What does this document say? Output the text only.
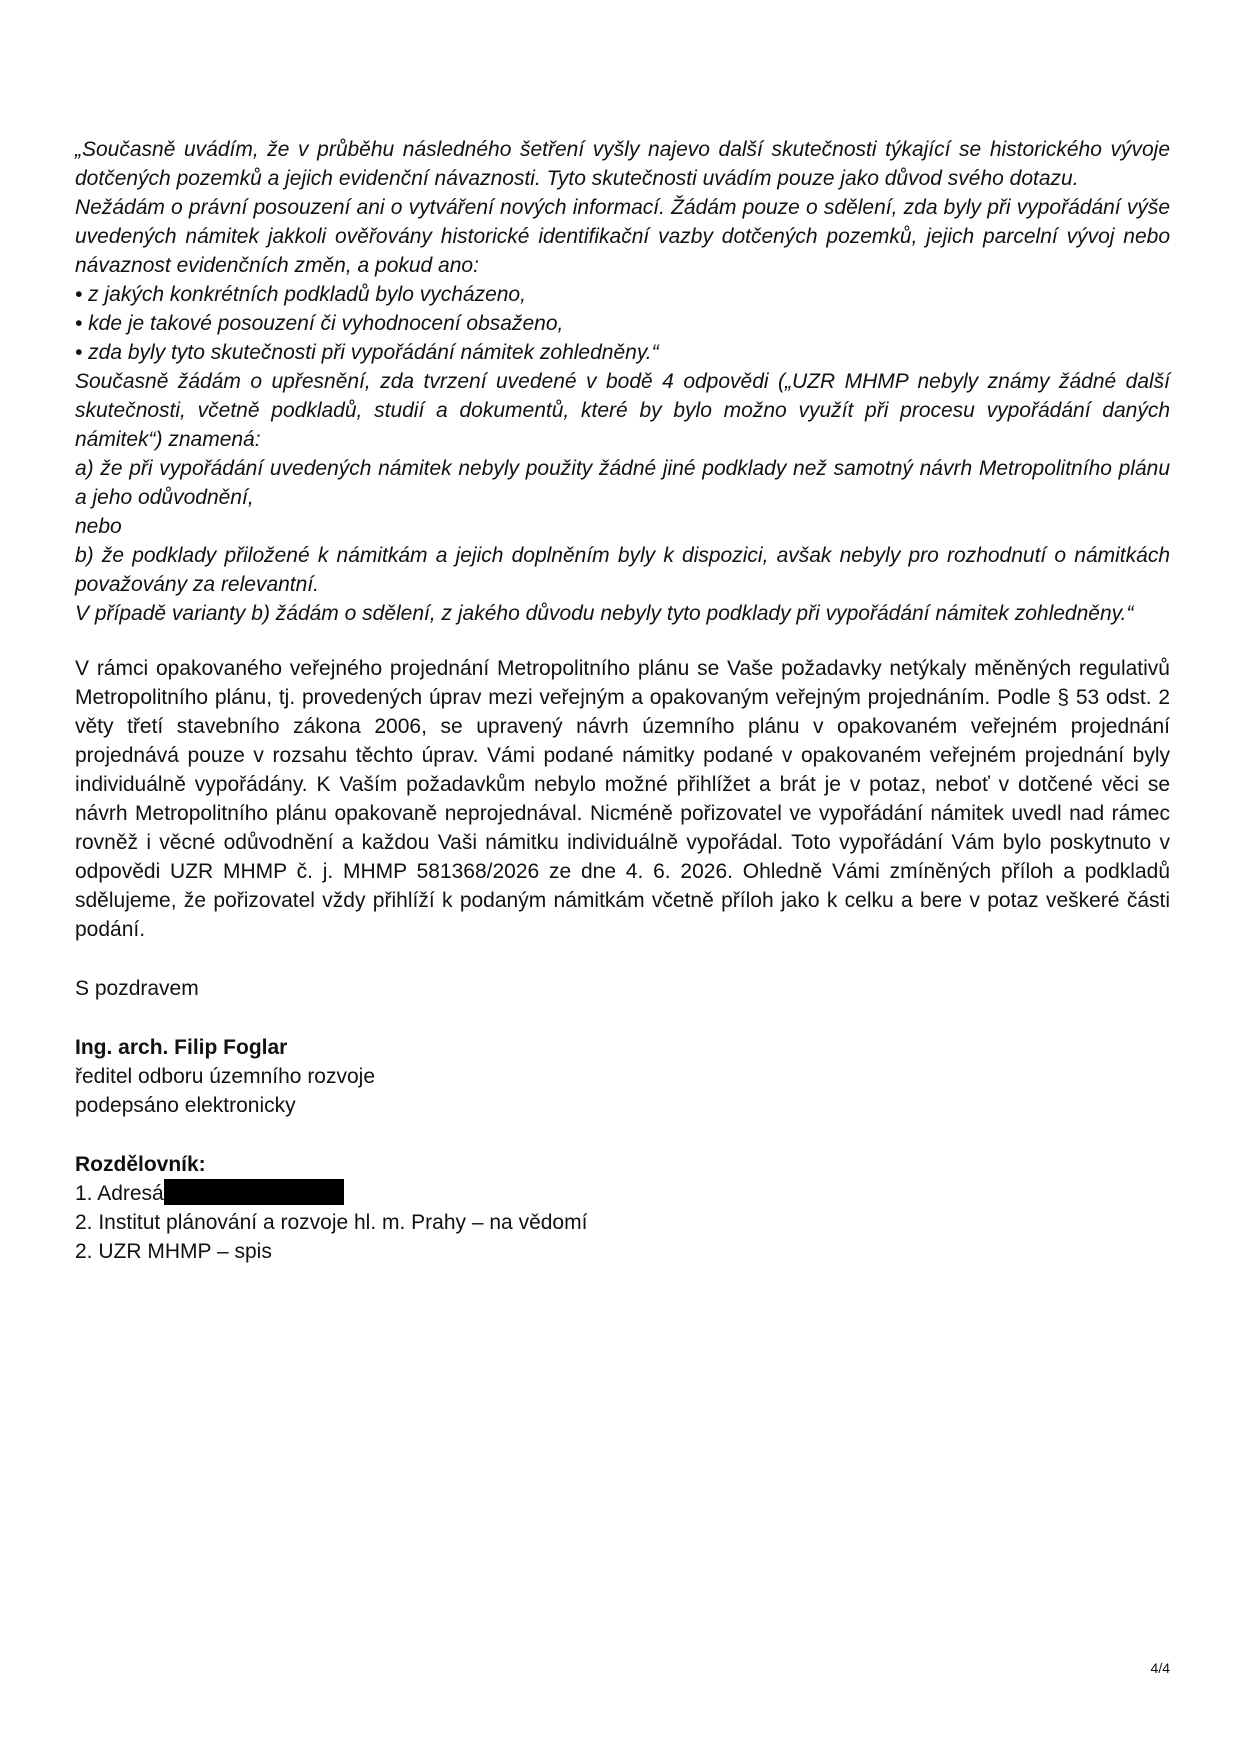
„Současně uvádím, že v průběhu následného šetření vyšly najevo další skutečnosti týkající se historického vývoje dotčených pozemků a jejich evidenční návaznosti. Tyto skutečnosti uvádím pouze jako důvod svého dotazu.

Nežádám o právní posouzení ani o vytváření nových informací. Žádám pouze o sdělení, zda byly při vypořádání výše uvedených námitek jakkoli ověřovány historické identifikační vazby dotčených pozemků, jejich parcelní vývoj nebo návaznost evidenčních změn, a pokud ano:

• z jakých konkrétních podkladů bylo vycházeno,

• kde je takové posouzení či vyhodnocení obsaženo,

• zda byly tyto skutečnosti při vypořádání námitek zohledněny.“

Současně žádám o upřesnění, zda tvrzení uvedené v bodě 4 odpovědi („UZR MHMP nebyly známy žádné další skutečnosti, včetně podkladů, studií a dokumentů, které by bylo možno využít při procesu vypořádání daných námitek“) znamená:

a) že při vypořádání uvedených námitek nebyly použity žádné jiné podklady než samotný návrh Metropolitního plánu a jeho odůvodnění,

nebo

b) že podklady přiložené k námitkám a jejich doplněním byly k dispozici, avšak nebyly pro rozhodnutí o námitkách považovány za relevantní.

V případě varianty b) žádám o sdělení, z jakého důvodu nebyly tyto podklady při vypořádání námitek zohledněny.“

V rámci opakovaného veřejného projednání Metropolitního plánu se Vaše požadavky netýkaly měněných regulativů Metropolitního plánu, tj. provedených úprav mezi veřejným a opakovaným veřejným projednáním. Podle § 53 odst. 2 věty třetí stavebního zákona 2006, se upravený návrh územního plánu v opakovaném veřejném projednání projednává pouze v rozsahu těchto úprav. Vámi podané námitky podané v opakovaném veřejném projednání byly individuálně vypořádány. K Vaším požadavkům nebylo možné přihlížet a brát je v potaz, neboť v dotčené věci se návrh Metropolitního plánu opakovaně neprojednával. Nicméně pořizovatel ve vypořádání námitek uvedl nad rámec rovněž i věcné odůvodnění a každou Vaši námitku individuálně vypořádal. Toto vypořádání Vám bylo poskytnuto v odpovědi UZR MHMP č. j. MHMP 581368/2026 ze dne 4. 6. 2026. Ohledně Vámi zmíněných příloh a podkladů sdělujeme, že pořizovatel vždy přihlíží k podaným námitkám včetně příloh jako k celku a bere v potaz veškeré části podání.

S pozdravem

Ing. arch. Filip Foglar
ředitel odboru územního rozvoje
podepsáno elektronicky
Rozdělovník:
1. Adresá
2. Institut plánování a rozvoje hl. m. Prahy – na vědomí
2. UZR MHMP – spis
4/4
